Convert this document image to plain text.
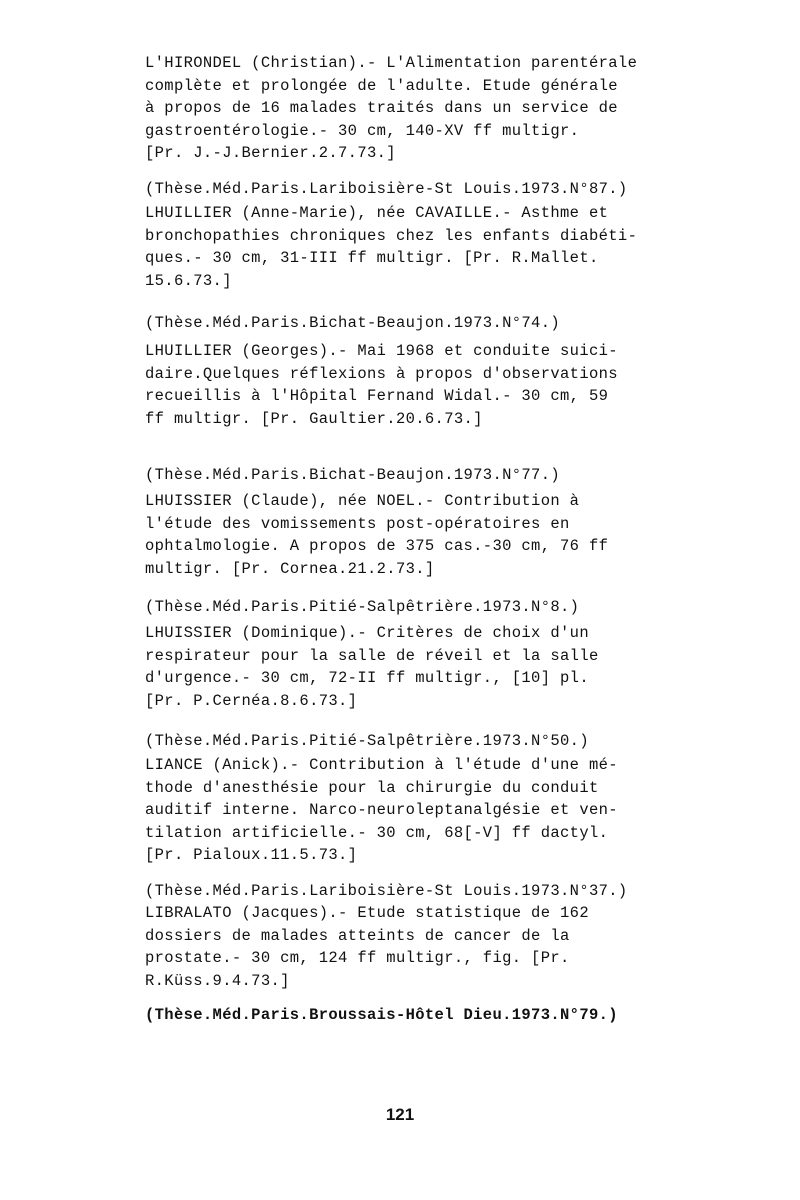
L'HIRONDEL (Christian).- L'Alimentation parentérale
complète et prolongée de l'adulte. Etude générale
à propos de 16 malades traités dans un service de
gastroentérologie.- 30 cm, 140-XV ff multigr.
[Pr. J.-J.Bernier.2.7.73.]
(Thèse.Méd.Paris.Lariboisière-St Louis.1973.N°87.)
LHUILLIER (Anne-Marie), née CAVAILLE.- Asthme et
bronchopathies chroniques chez les enfants diabéti-
ques.- 30 cm, 31-III ff multigr. [Pr. R.Mallet.
15.6.73.]
(Thèse.Méd.Paris.Bichat-Beaujon.1973.N°74.)
LHUILLIER (Georges).- Mai 1968 et conduite suici-
daire.Quelques réflexions à propos d'observations
recueillis à l'Hôpital Fernand Widal.- 30 cm, 59
ff multigr. [Pr. Gaultier.20.6.73.]
(Thèse.Méd.Paris.Bichat-Beaujon.1973.N°77.)
LHUISSIER (Claude), née NOEL.- Contribution à
l'étude des vomissements post-opératoires en
ophtalmologie. A propos de 375 cas.-30 cm, 76 ff
multigr. [Pr. Cornea.21.2.73.]
(Thèse.Méd.Paris.Pitié-Salpêtrière.1973.N°8.)
LHUISSIER (Dominique).- Critères de choix d'un
respirateur pour la salle de réveil et la salle
d'urgence.- 30 cm, 72-II ff multigr., [10] pl.
[Pr. P.Cernéa.8.6.73.]
(Thèse.Méd.Paris.Pitié-Salpêtrière.1973.N°50.)
LIANCE (Anick).- Contribution à l'étude d'une mé-
thode d'anesthésie pour la chirurgie du conduit
auditif interne. Narco-neuroleptanalgésie et ven-
tilation artificielle.- 30 cm, 68[-V] ff dactyl.
[Pr. Pialoux.11.5.73.]
(Thèse.Méd.Paris.Lariboisière-St Louis.1973.N°37.)
LIBRALATO (Jacques).- Etude statistique de 162
dossiers de malades atteints de cancer de la
prostate.- 30 cm, 124 ff multigr., fig. [Pr.
R.Küss.9.4.73.]
(Thèse.Méd.Paris.Broussais-Hôtel Dieu.1973.N°79.)
121
